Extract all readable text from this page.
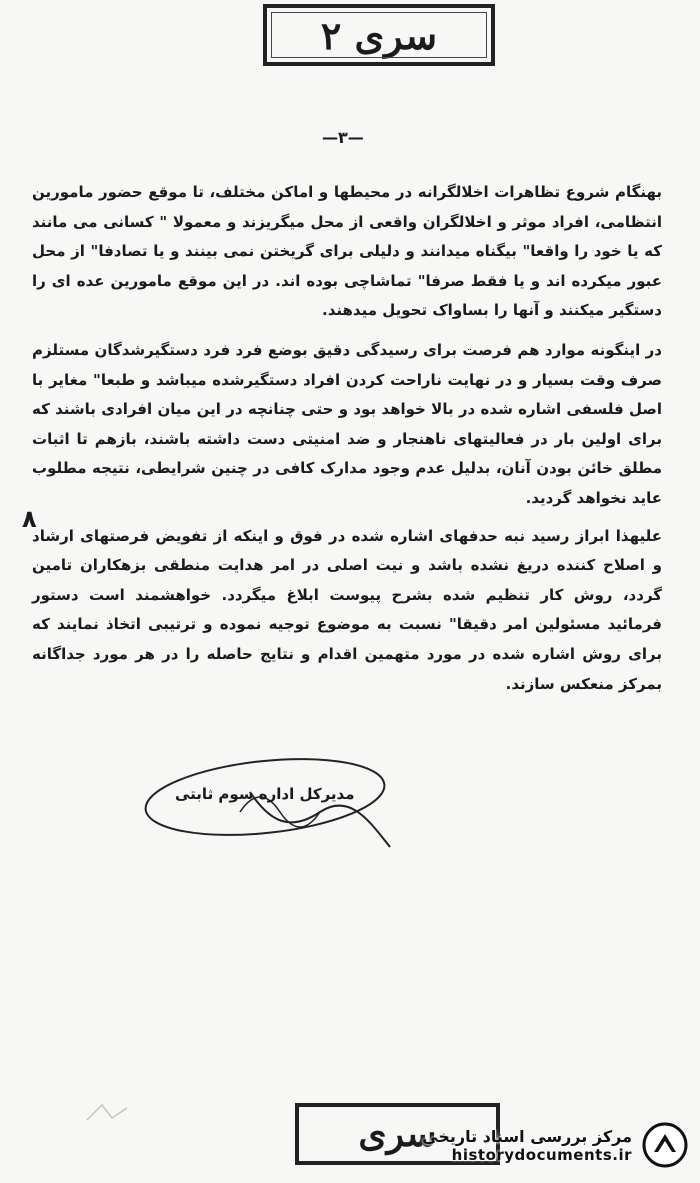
سری ۲
—۳—

بهنگام شروع تظاهرات اخلالگرانه در محیطها و اماکن مختلف، تا موقع حضور مامورین انتظامی، افراد موثر و اخلالگران واقعی از محل میگریزند و معمولا " کسانی می مانند که یا خود را واقعا" بیگناه میدانند و دلیلی برای گریختن نمی بینند و یا تصادفا" از محل عبور میکرده اند و یا فقط صرفا" تماشاچی بوده اند. در این موقع مامورین عده ای را دستگیر میکنند و آنها را بساواک تحویل میدهند.

در اینگونه موارد هم فرصت برای رسیدگی دقیق بوضع فرد فرد دستگیرشدگان مستلزم صرف وقت بسیار و در نهایت ناراحت کردن افراد دستگیرشده میباشد و طبعا" مغایر با اصل فلسفی اشاره شده در بالا خواهد بود و حتی چنانچه در این میان افرادی باشند که برای اولین بار در فعالیتهای ناهنجار و ضد امنیتی دست داشته باشند، بازهم تا اثبات مطلق خائن بودن آنان، بدلیل عدم وجود مدارک کافی در چنین شرایطی، نتیجه مطلوب عاید نخواهد گردید.

علیهذا ابراز رسید نبه حدفهای اشاره شده در فوق و اینکه از تفویض فرصتهای ارشاد و اصلاح کننده دریغ نشده باشد و نیت اصلی در امر هدایت منطقی بزهکاران تامین گردد، روش کار تنظیم شده بشرح پیوست ابلاغ میگردد. خواهشمند است دستور فرمائید مسئولین امر دقیقا" نسبت به موضوع توجیه نموده و ترتیبی اتخاذ نمایند که برای روش اشاره شده در مورد متهمین اقدام و نتایج حاصله را در هر مورد جداگانه بمرکز منعکس سازند.

۸
مدیرکل اداره سوم ثابتی
سری
مرکز بررسی اسناد تاریخی
historydocuments.ir
